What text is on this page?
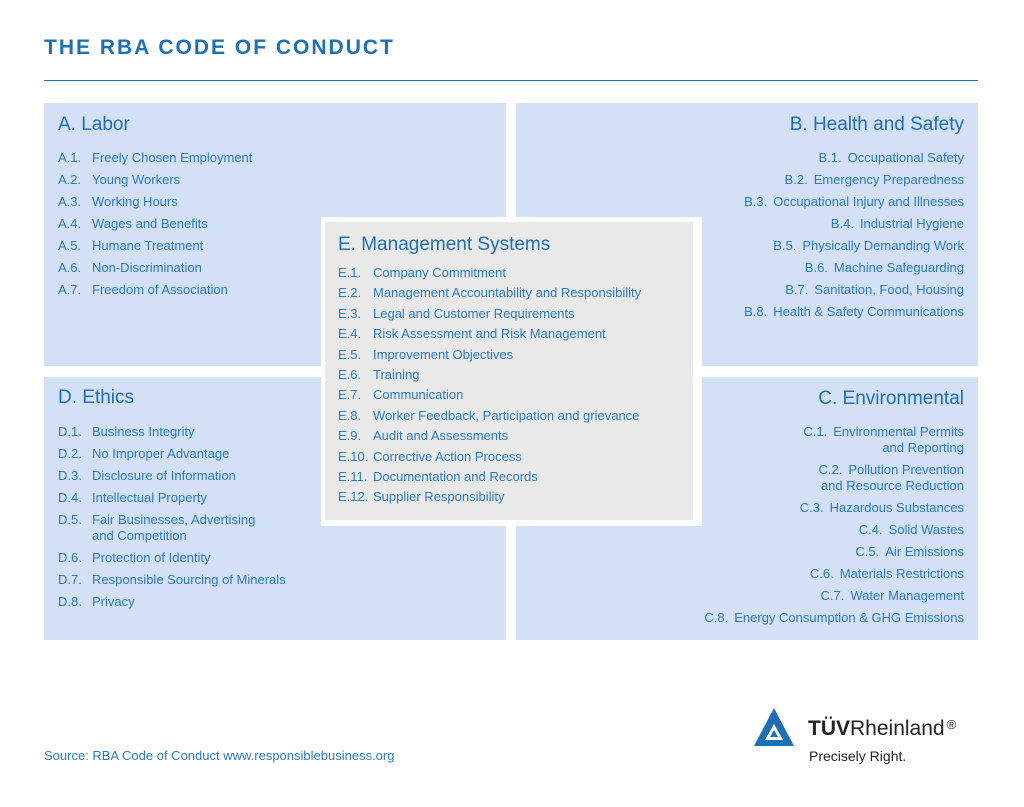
THE RBA CODE OF CONDUCT
A. Labor
A.1. Freely Chosen Employment
A.2. Young Workers
A.3. Working Hours
A.4. Wages and Benefits
A.5. Humane Treatment
A.6. Non-Discrimination
A.7. Freedom of Association
B. Health and Safety
B.1. Occupational Safety
B.2. Emergency Preparedness
B.3. Occupational Injury and Illnesses
B.4. Industrial Hygiene
B.5. Physically Demanding Work
B.6. Machine Safeguarding
B.7. Sanitation, Food, Housing
B.8. Health & Safety Communications
D. Ethics
D.1. Business Integrity
D.2. No Improper Advantage
D.3. Disclosure of Information
D.4. Intellectual Property
D.5. Fair Businesses, Advertising
and Competition
D.6. Protection of Identity
D.7. Responsible Sourcing of Minerals
D.8. Privacy
C. Environmental
C.1. Environmental Permits
and Reporting
C.2. Pollution Prevention
and Resource Reduction
C.3. Hazardous Substances
C.4. Solid Wastes
C.5. Air Emissions
C.6. Materials Restrictions
C.7. Water Management
C.8. Energy Consumption & GHG Emissions
E. Management Systems
E.1. Company Commitment
E.2. Management Accountability and Responsibility
E.3. Legal and Customer Requirements
E.4. Risk Assessment and Risk Management
E.5. Improvement Objectives
E.6. Training
E.7. Communication
E.8. Worker Feedback, Participation and grievance
E.9. Audit and Assessments
E.10. Corrective Action Process
E.11. Documentation and Records
E.12. Supplier Responsibility
Source: RBA Code of Conduct www.responsiblebusiness.org
TÜVRheinland ®
Precisely Right.
